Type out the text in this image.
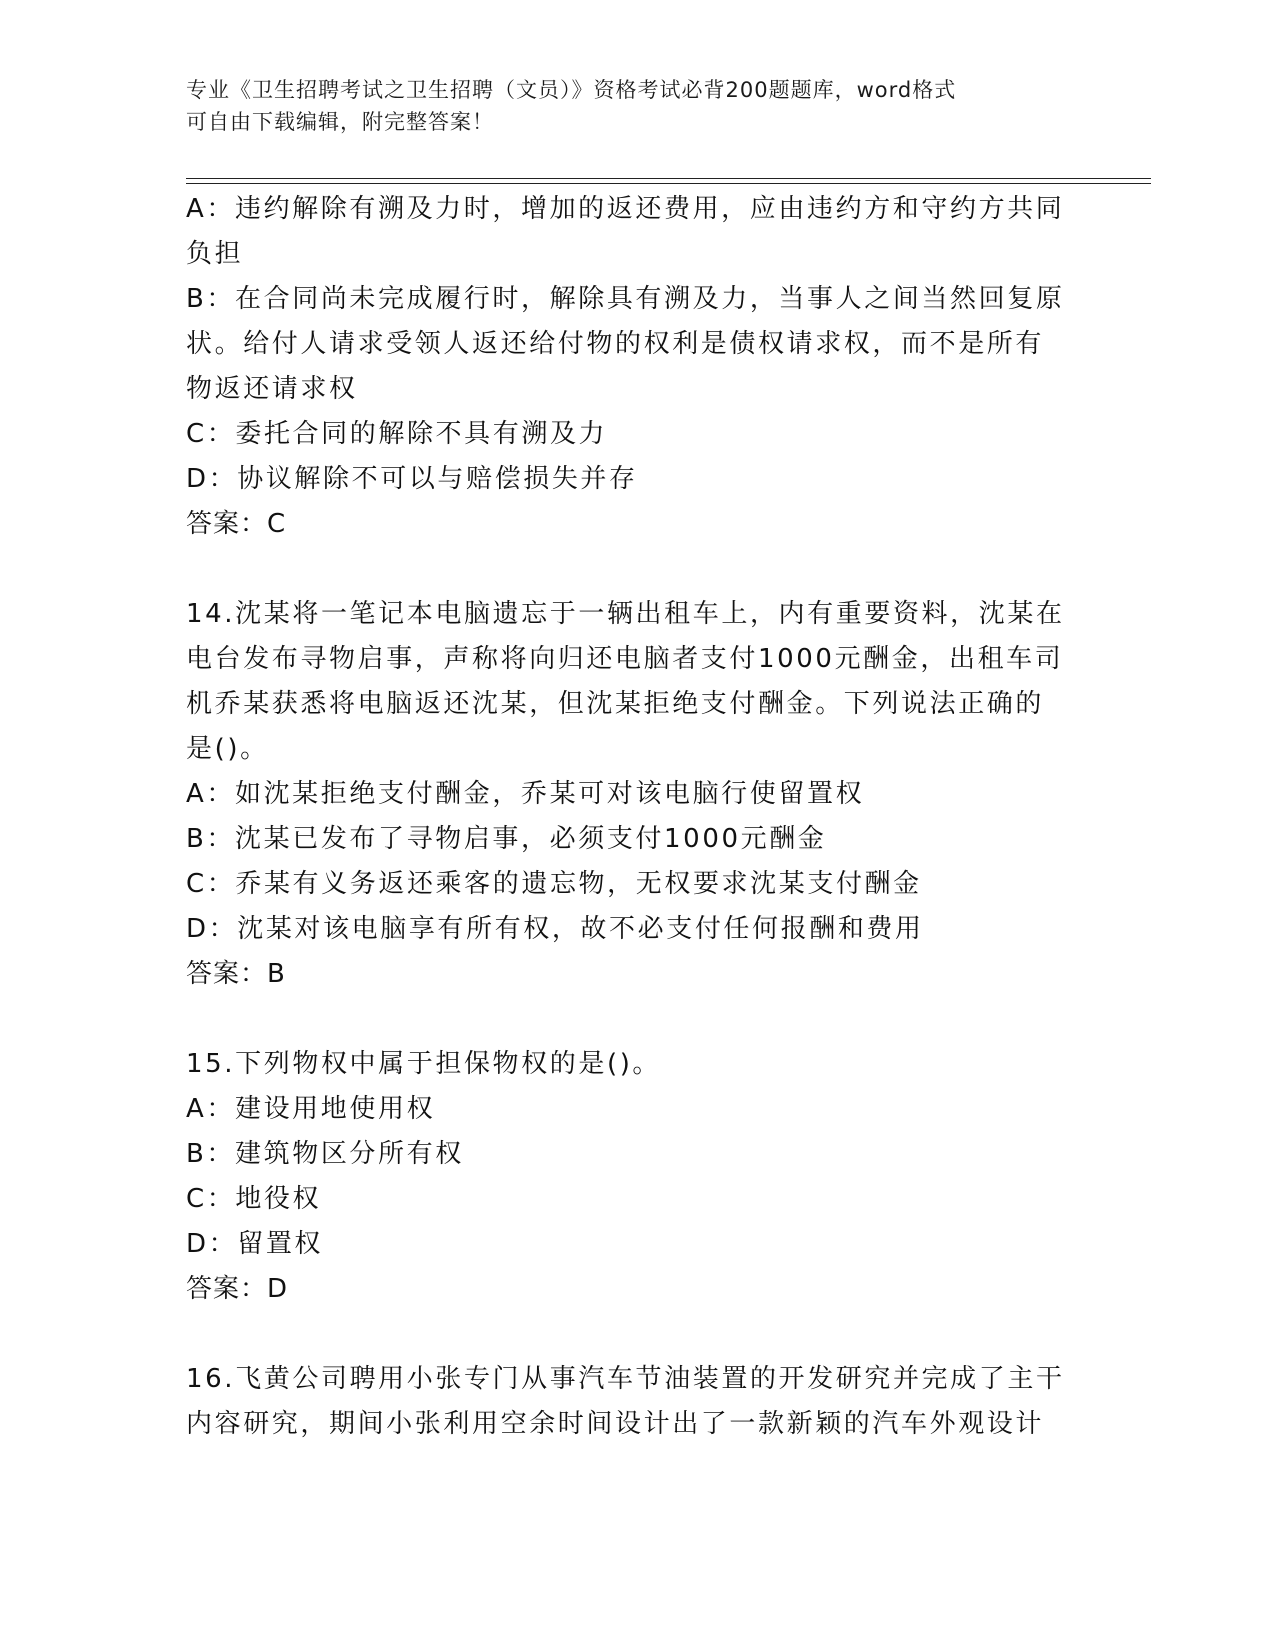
专业《卫生招聘考试之卫生招聘（文员）》资格考试必背200题题库，word格式
可自由下载编辑，附完整答案！
A：违约解除有溯及力时，增加的返还费用，应由违约方和守约方共同
负担
B：在合同尚未完成履行时，解除具有溯及力，当事人之间当然回复原
状。给付人请求受领人返还给付物的权利是债权请求权，而不是所有
物返还请求权
C：委托合同的解除不具有溯及力
D：协议解除不可以与赔偿损失并存
答案：C
14.沈某将一笔记本电脑遗忘于一辆出租车上，内有重要资料，沈某在
电台发布寻物启事，声称将向归还电脑者支付1000元酬金，出租车司
机乔某获悉将电脑返还沈某，但沈某拒绝支付酬金。下列说法正确的
是()。
A：如沈某拒绝支付酬金，乔某可对该电脑行使留置权
B：沈某已发布了寻物启事，必须支付1000元酬金
C：乔某有义务返还乘客的遗忘物，无权要求沈某支付酬金
D：沈某对该电脑享有所有权，故不必支付任何报酬和费用
答案：B
15.下列物权中属于担保物权的是()。
A：建设用地使用权
B：建筑物区分所有权
C：地役权
D：留置权
答案：D
16.飞黄公司聘用小张专门从事汽车节油装置的开发研究并完成了主干
内容研究，期间小张利用空余时间设计出了一款新颖的汽车外观设计
